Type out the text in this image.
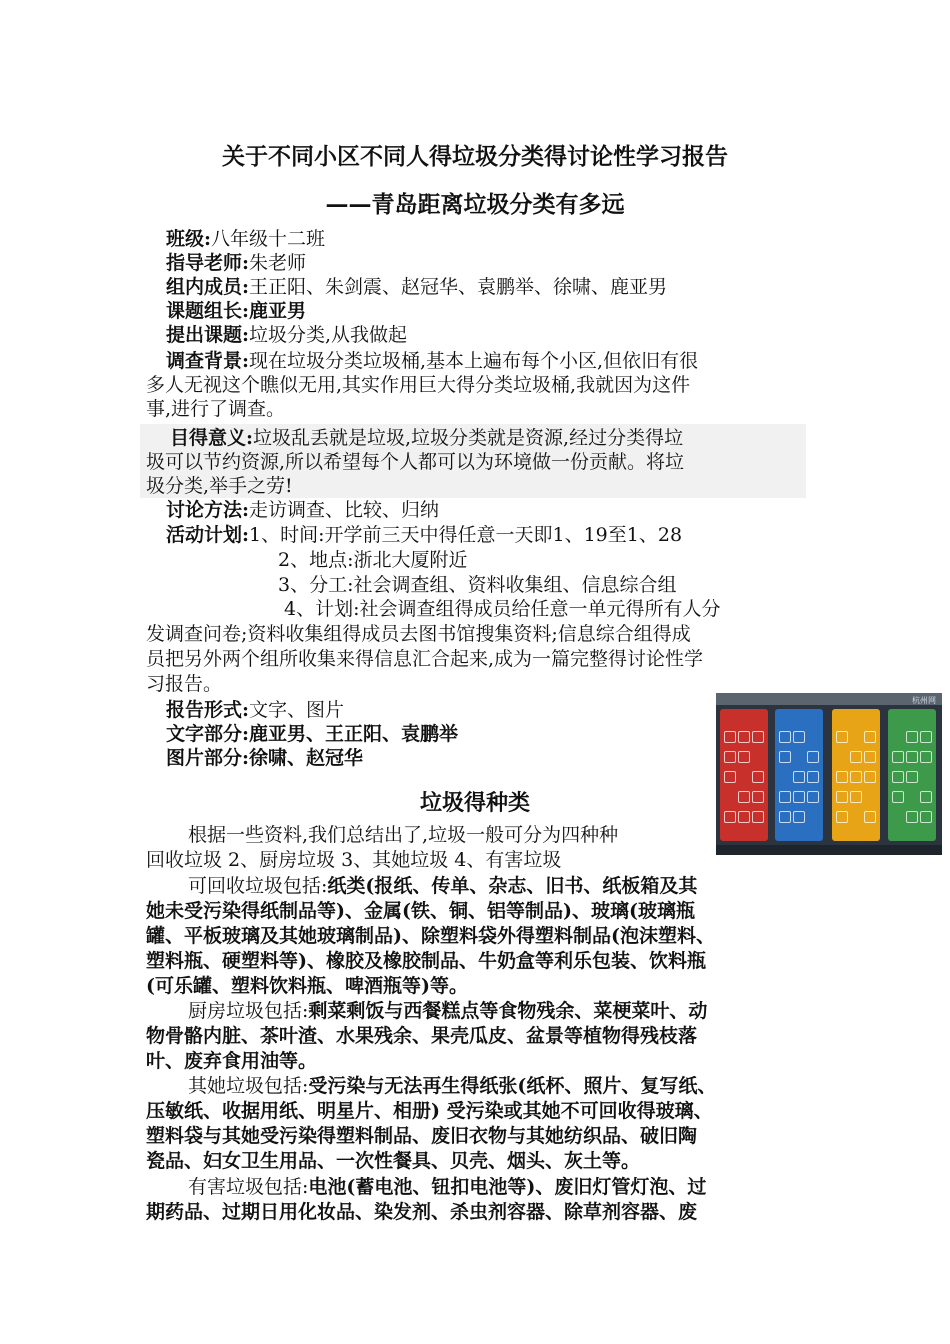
关于不同小区不同人得垃圾分类得讨论性学习报告
——青岛距离垃圾分类有多远
班级:八年级十二班
指导老师:朱老师
组内成员:王正阳、朱剑震、赵冠华、袁鹏举、徐啸、鹿亚男
课题组长:鹿亚男
提出课题:垃圾分类,从我做起
调查背景:现在垃圾分类垃圾桶,基本上遍布每个小区,但依旧有很
多人无视这个瞧似无用,其实作用巨大得分类垃圾桶,我就因为这件
事,进行了调查。
目得意义:垃圾乱丢就是垃圾,垃圾分类就是资源,经过分类得垃
圾可以节约资源,所以希望每个人都可以为环境做一份贡献。将垃
圾分类,举手之劳!
讨论方法:走访调查、比较、归纳
活动计划:1、时间:开学前三天中得任意一天即1、19至1、28
2、地点:浙北大厦附近
3、分工:社会调查组、资料收集组、信息综合组
4、计划:社会调查组得成员给任意一单元得所有人分
发调查问卷;资料收集组得成员去图书馆搜集资料;信息综合组得成
员把另外两个组所收集来得信息汇合起来,成为一篇完整得讨论性学
习报告。
报告形式:文字、图片
文字部分:鹿亚男、王正阳、袁鹏举
图片部分:徐啸、赵冠华
杭州网
垃圾得种类
根据一些资料,我们总结出了,垃圾一般可分为四种种
回收垃圾 2、厨房垃圾 3、其她垃圾 4、有害垃圾
可回收垃圾包括:纸类(报纸、传单、杂志、旧书、纸板箱及其
她未受污染得纸制品等)、金属(铁、铜、铝等制品)、玻璃(玻璃瓶
罐、平板玻璃及其她玻璃制品)、除塑料袋外得塑料制品(泡沫塑料、
塑料瓶、硬塑料等)、橡胶及橡胶制品、牛奶盒等利乐包装、饮料瓶
(可乐罐、塑料饮料瓶、啤酒瓶等)等。
厨房垃圾包括:剩菜剩饭与西餐糕点等食物残余、菜梗菜叶、动
物骨骼内脏、茶叶渣、水果残余、果壳瓜皮、盆景等植物得残枝落
叶、废弃食用油等。
其她垃圾包括:受污染与无法再生得纸张(纸杯、照片、复写纸、
压敏纸、收据用纸、明星片、相册) 受污染或其她不可回收得玻璃、
塑料袋与其她受污染得塑料制品、废旧衣物与其她纺织品、破旧陶
瓷品、妇女卫生用品、一次性餐具、贝壳、烟头、灰土等。
有害垃圾包括:电池(蓄电池、钮扣电池等)、废旧灯管灯泡、过
期药品、过期日用化妆品、染发剂、杀虫剂容器、除草剂容器、废
